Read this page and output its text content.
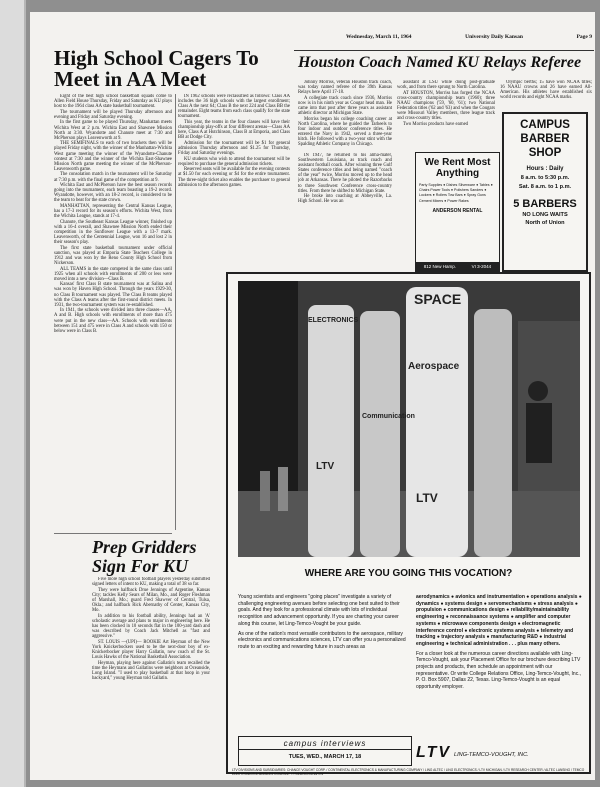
Wednesday, March 11, 1964	University Daily Kansan	Page 9
High School Cagers To Meet in AA Meet

Eight of the best high school basketball squads come to Allen Field House Thursday, Friday and Saturday as KU plays host to the 1964 class AA state basketball tournament.

The tournament will be played Thursday afternoon and evening and Friday and Saturday evening.

In the first game to be played Thursday, Manhattan meets Wichita West at 2 p.m. Wichita East and Shawnee Mission North at 3:30. Wyandotte and Chanute meet at 7:30 and McPherson plays Leavenworth at 9.

THE SEMIFINALS to each of two brackets then will be played Friday night, with the winner of the Manhattan-Wichita West game meeting the winner of the Wyandotte-Chanute contest at 7:30 and the winner of the Wichita East-Shawnee Mission North game meeting the winner of the McPherson-Leavenworth game.

The consolation match in the tournament will be Saturday at 7:30 p.m. with the final game of the competition at 9.

Wichita East and McPherson have the best season records going into the tournament, each team boasting a 19-2 record. Wyandotte, however, with an 18-2 record, is considered to be the team to beat for the state crown.

MANHATTAN, representing the Central Kansas League, has a 17-3 record for its season's efforts. Wichita West, from the Wichita League, stands at 17-4.

Chanute, the Southeast Kansas League winner, finished up with a 16-4 overall, and Shawnee Mission North ended their competition in the Sunflower League with a 13-7 mark. Leavenworth, of the Centennial League, won 16 and lost 2 in their season's play.

The first state basketball tournament under official sanction, was played at Emporia State Teachers College in 1912 and was won by the Reno County High School from Nickerson.

ALL TEAMS in the state competed in the same class until 1925 when all schools with enrollments of 200 or less were moved into a new division—Class B.

Kansas' first Class B state tournament was at Salina and was won by Haven High School. Through the years 1929-30, no Class B tournament was played. The Class B teams played with the Class A teams after the first-round district meets. In 1931, the two-tournament system was re-established.

In 1941, the schools were divided into three classes—AA, A and B. High schools with enrollments of more than 475 were put in the new class—AA. Schools with enrollments between 151 and 475 were in Class A and schools with 150 or below were in Class B.

IN 1962 schools were reclassified as follows: Class AA includes the 36 high schools with the largest enrollment; Class A the next 64; Class B the next 224 and Class BB the remainder. Eight teams from each class qualify for the state tournament.

This year, the teams in the four classes will have their championship play-offs at four different arenas—Class AA here, Class A at Hutchinson, Class B at Emporia, and Class BB at Dodge City.

Admission for the tournament will be $1 for general admission Thursday afternoon and $1.25 for Thursday, Friday and Saturday evenings.

KU students who wish to attend the tournament will be required to purchase the general admission tickets.

Reserved seats will be available for the evening contests at $1.50 for each evening or $4 for the entire tournament. The three-night ticket also enables the purchaser to general admission to the afternoon games.

Prep Gridders Sign For KU

Five more high school football players yesterday submitted signed letters of intent to KU, making a total of 38 so far.

They were halfback Drue Jennings of Argentine, Kansas City; tackles Kelly Sears of Milan, Mo., and Roger Fleshman of Marshall, Mo.; guard Fred Shawver of Central, Tulsa, Okla.; and halfback Rick Abernathy of Center, Kansas City, Mo.

In addition to his football ability, Jennings had an 'A' scholastic average and plans to major in engineering here. He has been clocked in 10 seconds flat in the 100-yard dash and was described by Coach Jack Mitchell as "fast and aggressive."

ST. LOUIS —(UPI)— ROOKIE Art Heyman of the New York Knickerbockers used to be the next-door boy of ex-Knickerbocker player Harry Gallatin, now coach of the St. Louis Hawks of the National Basketball Association.

Heyman, playing here against Gallatin's team recalled the time the Heymans and Gallatins were neighbors at Oceanside, Long Island. "I used to play basketball at that hoop in your backyard," young Heyman told Gallatin.

Houston Coach Named KU Relays Referee

Johnny Morriss, veteran Houston track coach, was today named referee of the 39th Kansas Relays here April 17-18.

A collegiate track coach since 1936, Morriss now is in his ninth year as Cougar head man. He came into that post after three years as assistant athletic director at Michigan State.

Morriss began his college coaching career at North Carolina, where he guided the Tarheels to four indoor and outdoor conference titles. He entered the Navy in 1942, served a three-year hitch. He followed with a two-year stint with the Spalding Athletic Company in Chicago.

IN 1947, he returned to his alma-mater, Southwestern Louisiana, as track coach and assistant football coach. After winning three Gulf States conference titles and being named "coach of the year" twice, Morriss moved up to the head job at Arkansas. There he piloted the Razorbacks to three Southwest Conference cross-country titles. From there he shifted to Michigan State.

He broke into coaching at Abbeyville, La. High School. He was an

assistant at LSU while doing post-graduate work, and from there sprung to North Carolina.

AT HOUSTON, Morriss has forged the NCAA cross-country championship team (1960); three NAAU champions ('59, '60, '61); two National Federation titles ('62 and '63) and when the Cougars were Missouri Valley members, three league track and cross-country titles.

Two Morriss products have earned

Olympic berths; 15 have won NCAA titles; 16 NAAU crowns and 26 have earned All-American. His athletes have established six world records and eight NCAA marks.

We Rent Most Anything
Party Supplies ● Dishes Silverware ● Tables ● Chairs Power Tools ● Polishers Sanders ● Lockers ● Rollers Tow Bars ● Spray Guns Cement Mixers ● Power Rakes
ANDERSON RENTAL
812 New Hamp.	VI 3-2044
CAMPUS BARBER SHOP
Hours : Daily
8 a.m. to 5:30 p.m.
Sat. 8 a.m. to 1 p.m.
5 BARBERS
NO LONG WAITS
North of Union
SPACE
ELECTRONICS
LTV
Aerospace
Communication
LTV
WHERE ARE YOU GOING THIS VOCATION?
Young scientists and engineers "going places" investigate a variety of challenging engineering avenues before selecting one best suited to their goals. And they look for a professional climate with lots of individual recognition and advancement opportunity. If you are charting your career along this course, let Ling-Temco-Vought be your guide.
As one of the nation's most versatile contributors to the aerospace, military electronics and communications sciences, LTV can offer you a personalized route to an exciting and rewarding future in such areas as
aerodynamics ● avionics and instrumentation ● operations analysis ● dynamics ● systems design ● servomechanisms ● stress analysis ● propulsion ● communications design ● reliability/maintainability engineering ● reconnaissance systems ● amplifier and computer systems ● microwave components design ● electromagnetic interference control ● electronic systems analysis ● telemetry and tracking ● trajectory analysis ● manufacturing R&D ● industrial engineering ● technical administration . . . plus many others.
For a closer look at the numerous career directions available with Ling-Temco-Vought, ask your Placement Office for our brochure describing LTV projects and products, then schedule an appointment with our representative. Or write College Relations Office, Ling-Temco-Vought, Inc., P. O. Box 5907, Dallas 22, Texas. Ling-Temco-Vought is an equal opportunity employer.
campus interviews
TUES, WED., MARCH 17, 18	LTV LING-TEMCO-VOUGHT, INC.
LTV DIVISIONS AND SUBSIDIARIES: CHANCE VOUGHT CORP. / CONTINENTAL ELECTRONICS & MANUFACTURING COMPANY / LING ALTEC / LING ELECTRONICS / LTV MICHIGAN / LTV RESEARCH CENTER / ALTEC LANSING / TEMCO ELECTRONICS & MISSILES COMPANY / FRIEDRICHSHAFEN
